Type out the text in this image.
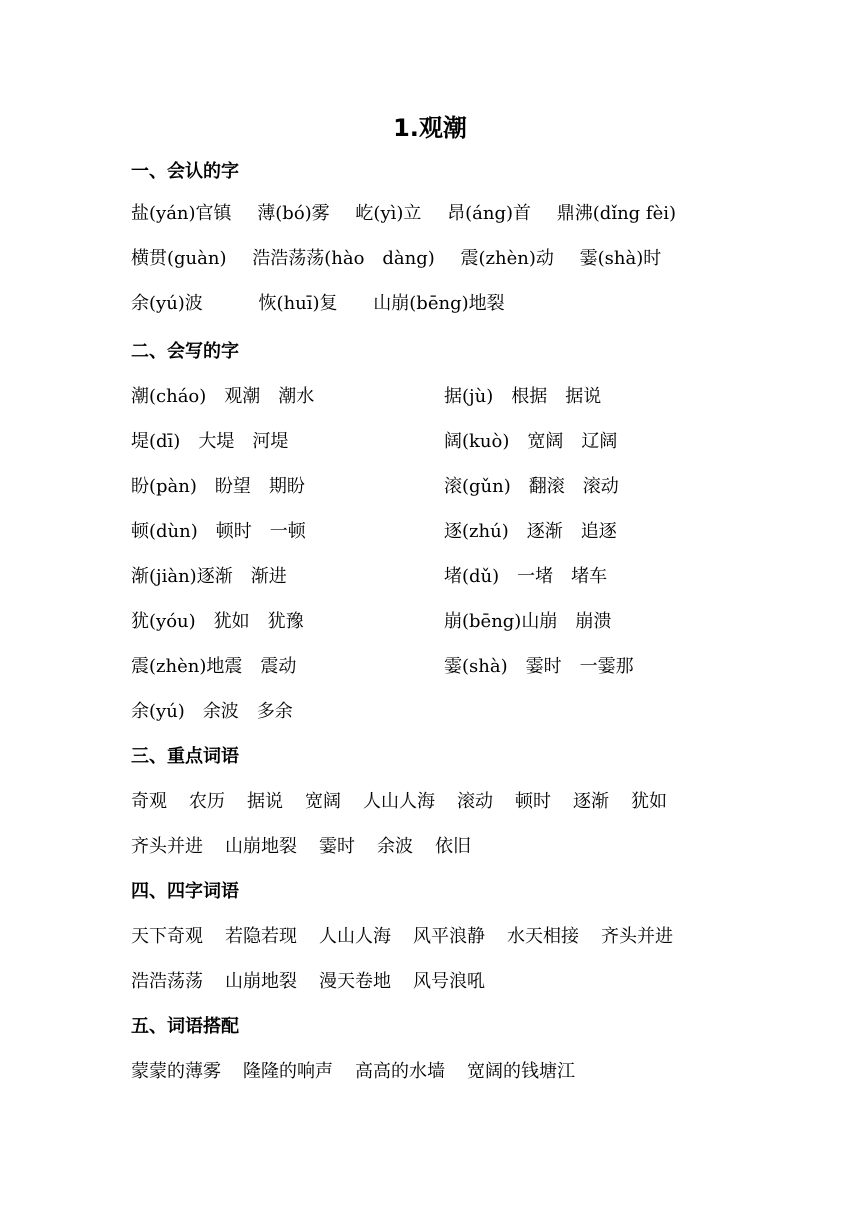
1.观潮
一、会认的字
盐(yán)官镇 薄(bó)雾 屹(yì)立 昂(áng)首 鼎沸(dǐng fèi)
横贯(guàn) 浩浩荡荡(hào　dàng) 震(zhèn)动 霎(shà)时
余(yú)波	恢(huī)复 山崩(bēng)地裂
二、会写的字
潮(cháo) 观潮 潮水
堤(dī) 大堤 河堤
盼(pàn) 盼望 期盼
顿(dùn) 顿时 一顿
渐(jiàn)逐渐 渐进
犹(yóu) 犹如 犹豫
震(zhèn)地震 震动
余(yú) 余波 多余
据(jù) 根据 据说
阔(kuò) 宽阔 辽阔
滚(gǔn) 翻滚 滚动
逐(zhú) 逐渐 追逐
堵(dǔ) 一堵 堵车
崩(bēng)山崩 崩溃
霎(shà) 霎时 一霎那
三、重点词语
奇观 农历 据说 宽阔 人山人海 滚动 顿时 逐渐 犹如
齐头并进 山崩地裂 霎时 余波 依旧
四、四字词语
天下奇观 若隐若现 人山人海 风平浪静 水天相接 齐头并进
浩浩荡荡 山崩地裂 漫天卷地 风号浪吼
五、词语搭配
蒙蒙的薄雾 隆隆的响声 高高的水墙 宽阔的钱塘江
